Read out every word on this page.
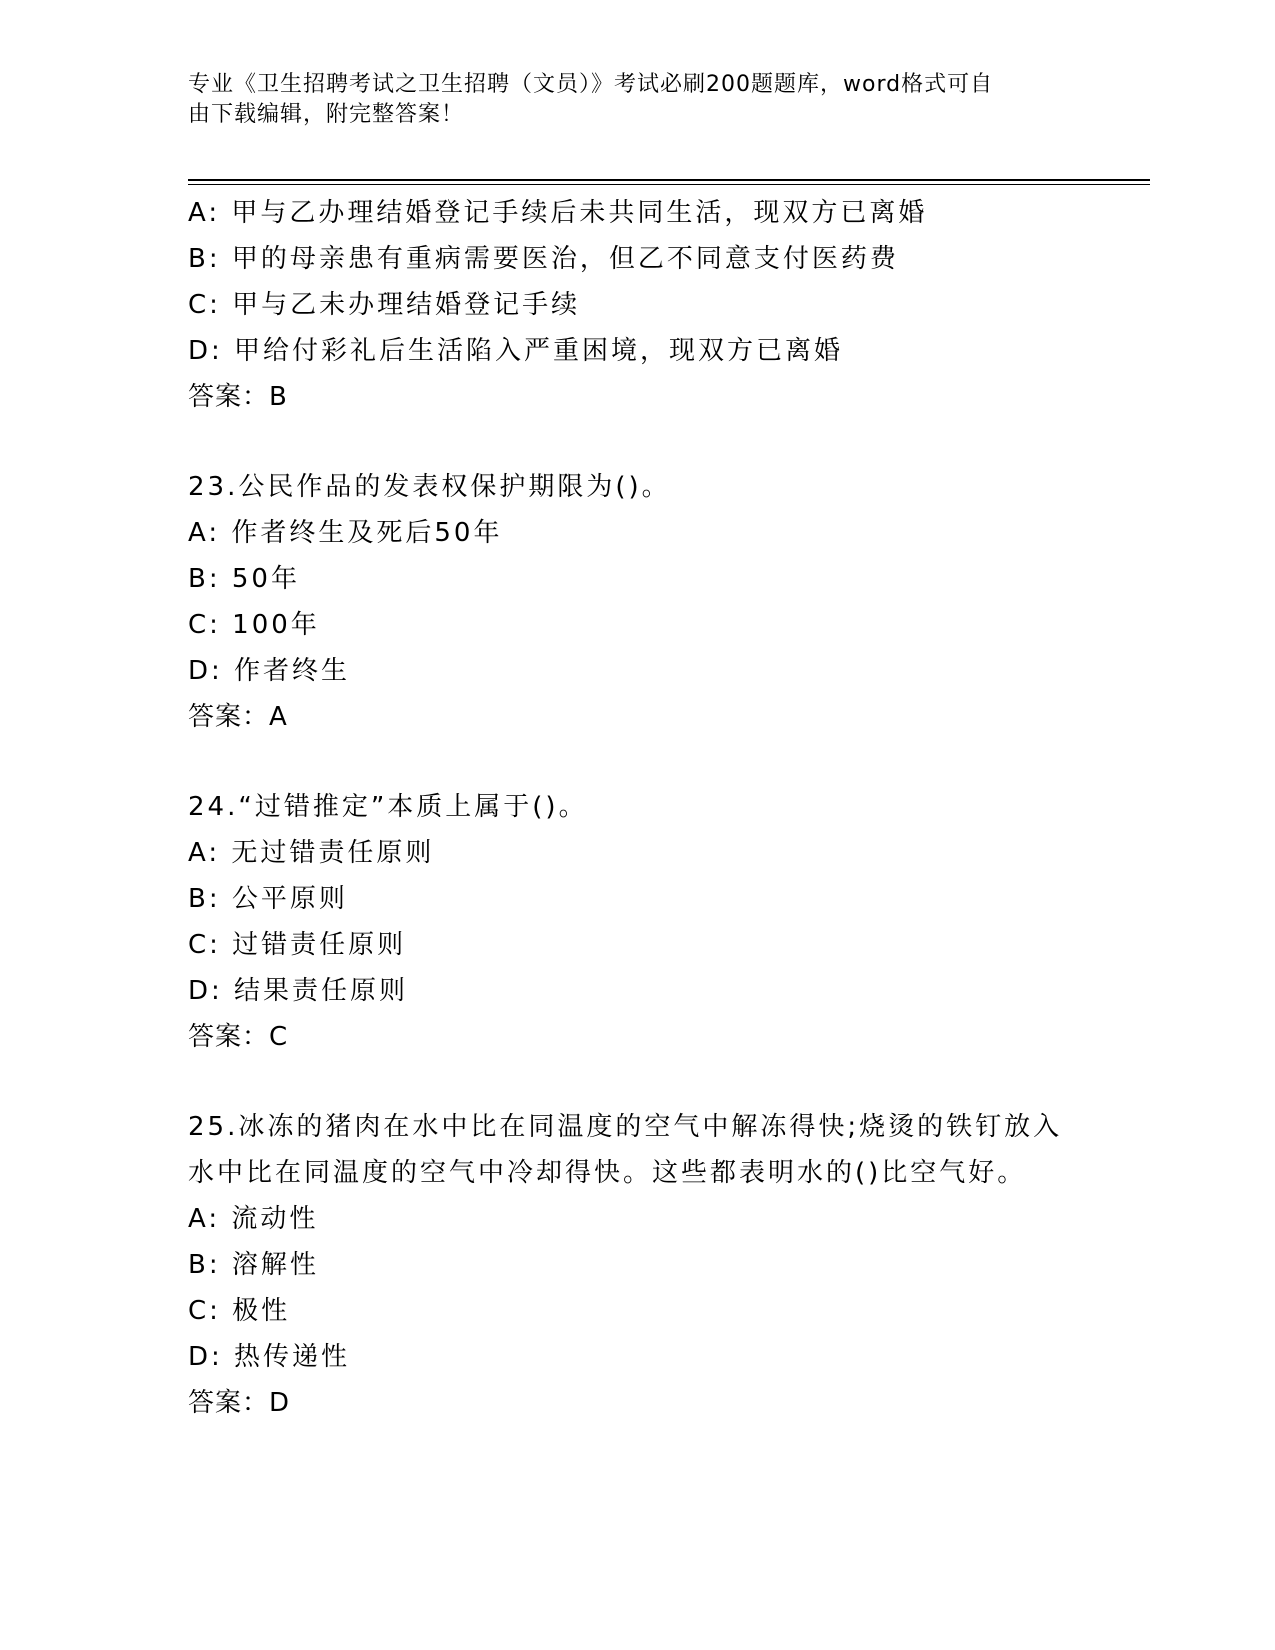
专业《卫生招聘考试之卫生招聘（文员）》考试必刷200题题库，word格式可自
由下载编辑，附完整答案！
A: 甲与乙办理结婚登记手续后未共同生活，现双方已离婚
B: 甲的母亲患有重病需要医治，但乙不同意支付医药费
C: 甲与乙未办理结婚登记手续
D: 甲给付彩礼后生活陷入严重困境，现双方已离婚
答案：B
23.公民作品的发表权保护期限为()。
A: 作者终生及死后50年
B: 50年
C: 100年
D: 作者终生
答案：A
24.“过错推定”本质上属于()。
A: 无过错责任原则
B: 公平原则
C: 过错责任原则
D: 结果责任原则
答案：C
25.冰冻的猪肉在水中比在同温度的空气中解冻得快;烧烫的铁钉放入
水中比在同温度的空气中冷却得快。这些都表明水的()比空气好。
A: 流动性
B: 溶解性
C: 极性
D: 热传递性
答案：D
